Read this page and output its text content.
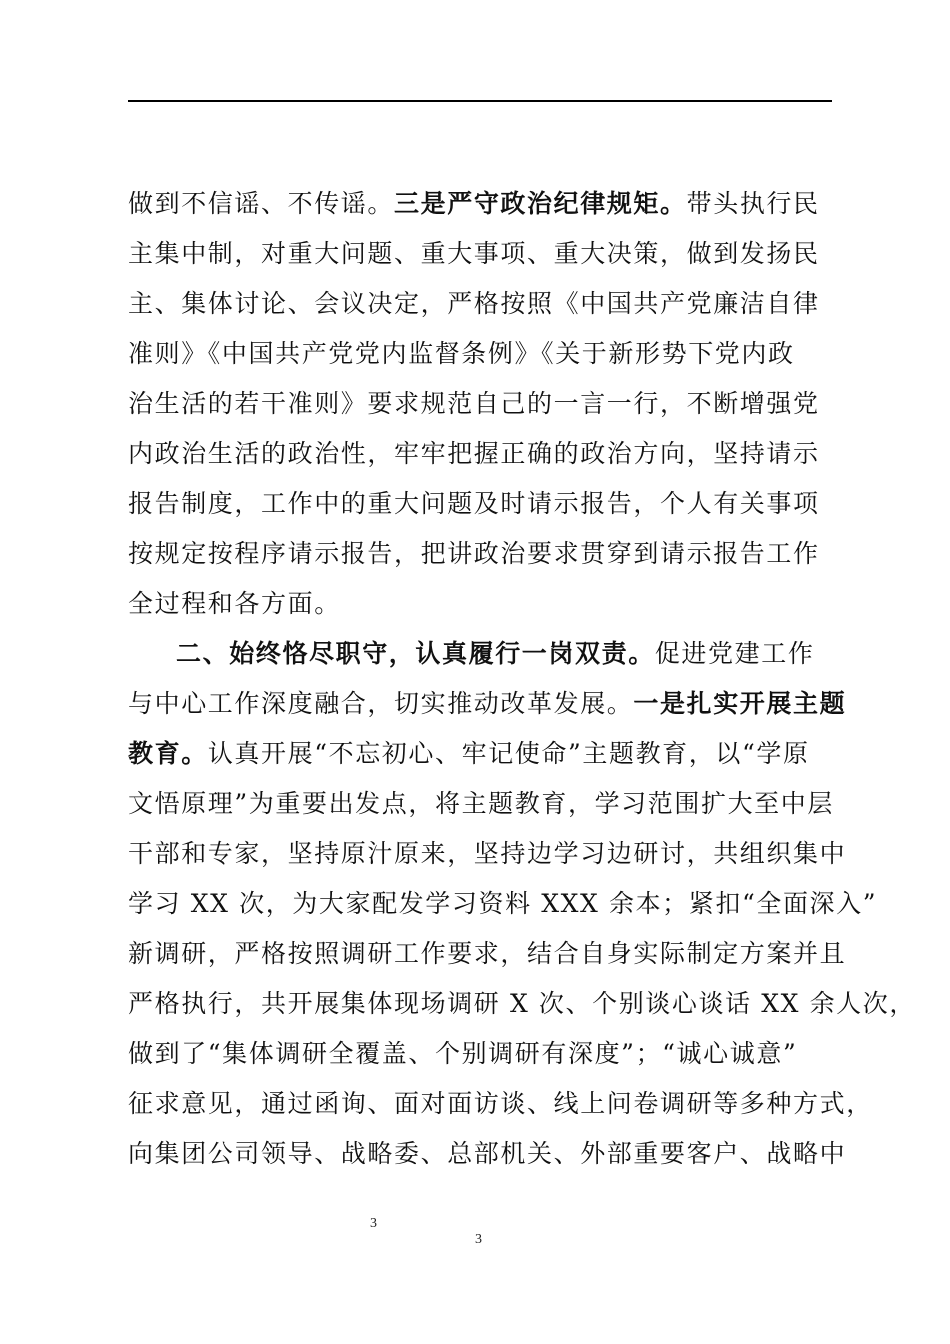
做到不信谣、不传谣。三是严守政治纪律规矩。带头执行民
主集中制，对重大问题、重大事项、重大决策，做到发扬民
主、集体讨论、会议决定，严格按照《中国共产党廉洁自律
准则》《中国共产党党内监督条例》《关于新形势下党内政
治生活的若干准则》要求规范自己的一言一行，不断增强党
内政治生活的政治性，牢牢把握正确的政治方向，坚持请示
报告制度，工作中的重大问题及时请示报告，个人有关事项
按规定按程序请示报告，把讲政治要求贯穿到请示报告工作
全过程和各方面。
二、始终恪尽职守，认真履行一岗双责。促进党建工作
与中心工作深度融合，切实推动改革发展。一是扎实开展主题
教育。认真开展“不忘初心、牢记使命”主题教育，以“学原
文悟原理”为重要出发点，将主题教育，学习范围扩大至中层
干部和专家，坚持原汁原来，坚持边学习边研讨，共组织集中
学习 XX 次，为大家配发学习资料 XXX 余本；紧扣“全面深入”
新调研，严格按照调研工作要求，结合自身实际制定方案并且
严格执行，共开展集体现场调研 X 次、个别谈心谈话 XX 余人次，
做到了“集体调研全覆盖、个别调研有深度”；“诚心诚意”
征求意见，通过函询、面对面访谈、线上问卷调研等多种方式，
向集团公司领导、战略委、总部机关、外部重要客户、战略中
3
3
